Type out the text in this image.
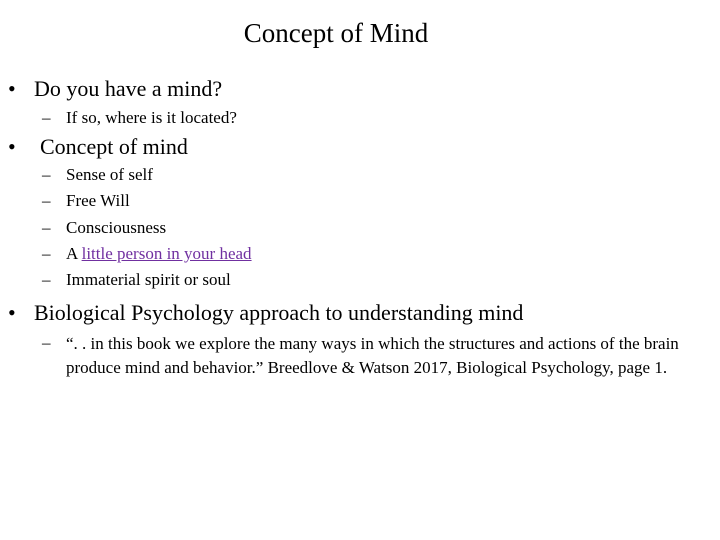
Concept of Mind
• Do you have a mind?
– If so, where is it located?
• Concept of mind
– Sense of self
– Free Will
– Consciousness
– A little person in your head
– Immaterial spirit or soul
• Biological Psychology approach to understanding mind
– “. . in this book we explore the many ways in which the structures and actions of the brain produce mind and behavior.” Breedlove & Watson 2017, Biological Psychology, page 1.
